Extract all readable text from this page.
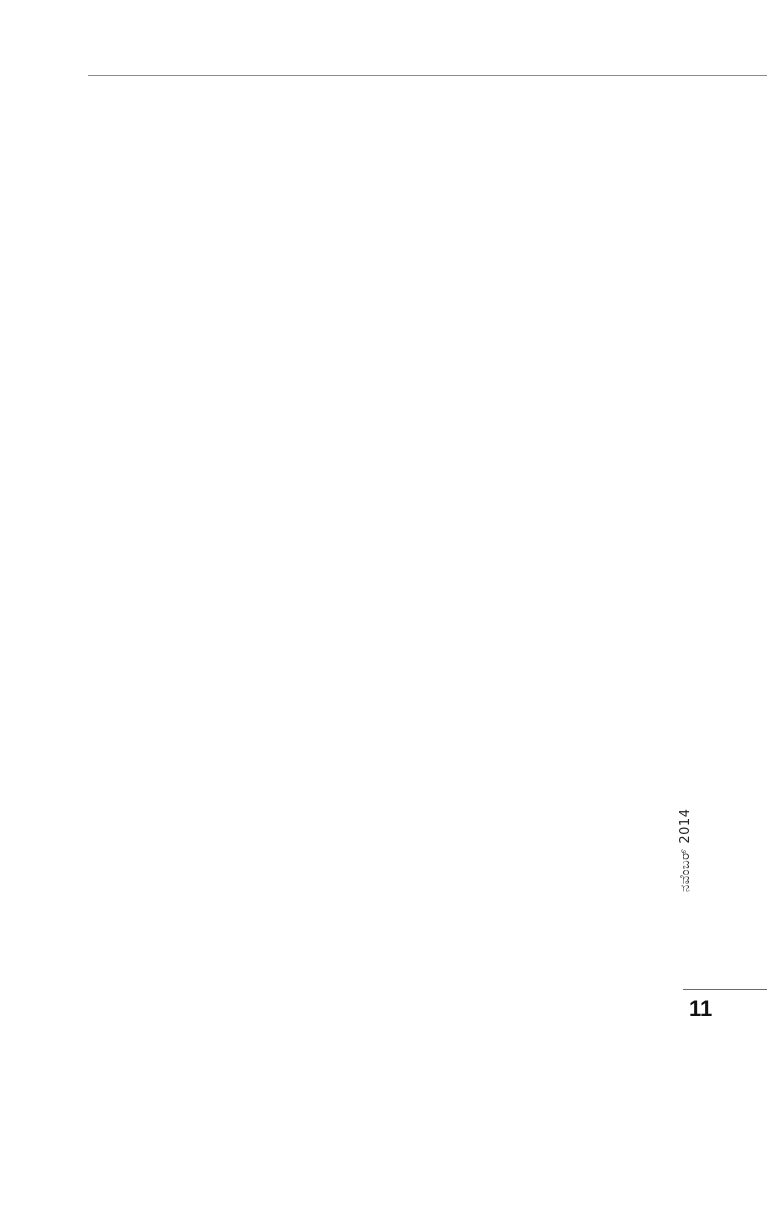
ನವೆಂಬರ್ 2014
11
